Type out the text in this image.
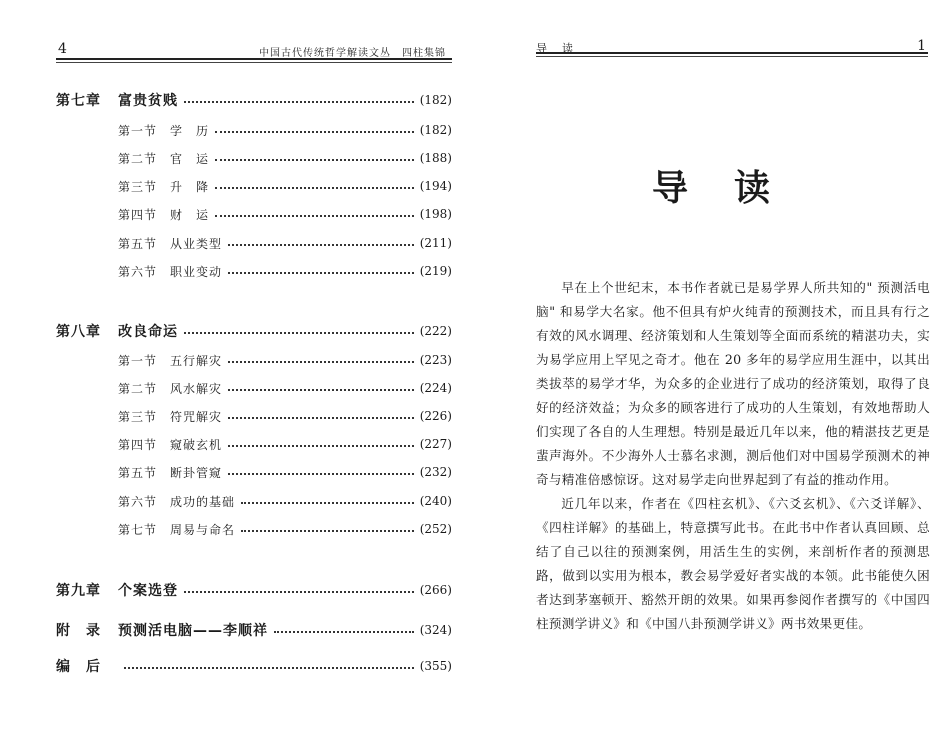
4	中国古代传统哲学解读文丛　四柱集锦
第七章 富贵贫贱	(182)
第一节 学　历	(182)
第二节 官　运	(188)
第三节 升　降	(194)
第四节 财　运	(198)
第五节 从业类型	(211)
第六节 职业变动	(219)
第八章 改良命运	(222)
第一节 五行解灾	(223)
第二节 风水解灾	(224)
第三节 符咒解灾	(226)
第四节 窥破玄机	(227)
第五节 断卦管窥	(232)
第六节 成功的基础	(240)
第七节 周易与命名	(252)
第九章 个案选登	(266)
附　录 预测活电脑——李顺祥	(324)
编　后	(355)
导　读	1
导读

早在上个世纪末，本书作者就已是易学界人所共知的" 预测活电脑" 和易学大名家。他不但具有炉火纯青的预测技术，而且具有行之有效的风水调理、经济策划和人生策划等全面而系统的精湛功夫，实为易学应用上罕见之奇才。他在 20 多年的易学应用生涯中，以其出类拔萃的易学才华，为众多的企业进行了成功的经济策划，取得了良好的经济效益；为众多的顾客进行了成功的人生策划，有效地帮助人们实现了各自的人生理想。特别是最近几年以来，他的精湛技艺更是蜚声海外。不少海外人士慕名求测，测后他们对中国易学预测术的神奇与精准倍感惊讶。这对易学走向世界起到了有益的推动作用。

近几年以来，作者在《四柱玄机》、《六爻玄机》、《六爻详解》、《四柱详解》的基础上，特意撰写此书。在此书中作者认真回顾、总结了自己以往的预测案例，用活生生的实例，来剖析作者的预测思路，做到以实用为根本，教会易学爱好者实战的本领。此书能使久困者达到茅塞顿开、豁然开朗的效果。如果再参阅作者撰写的《中国四柱预测学讲义》和《中国八卦预测学讲义》两书效果更佳。
